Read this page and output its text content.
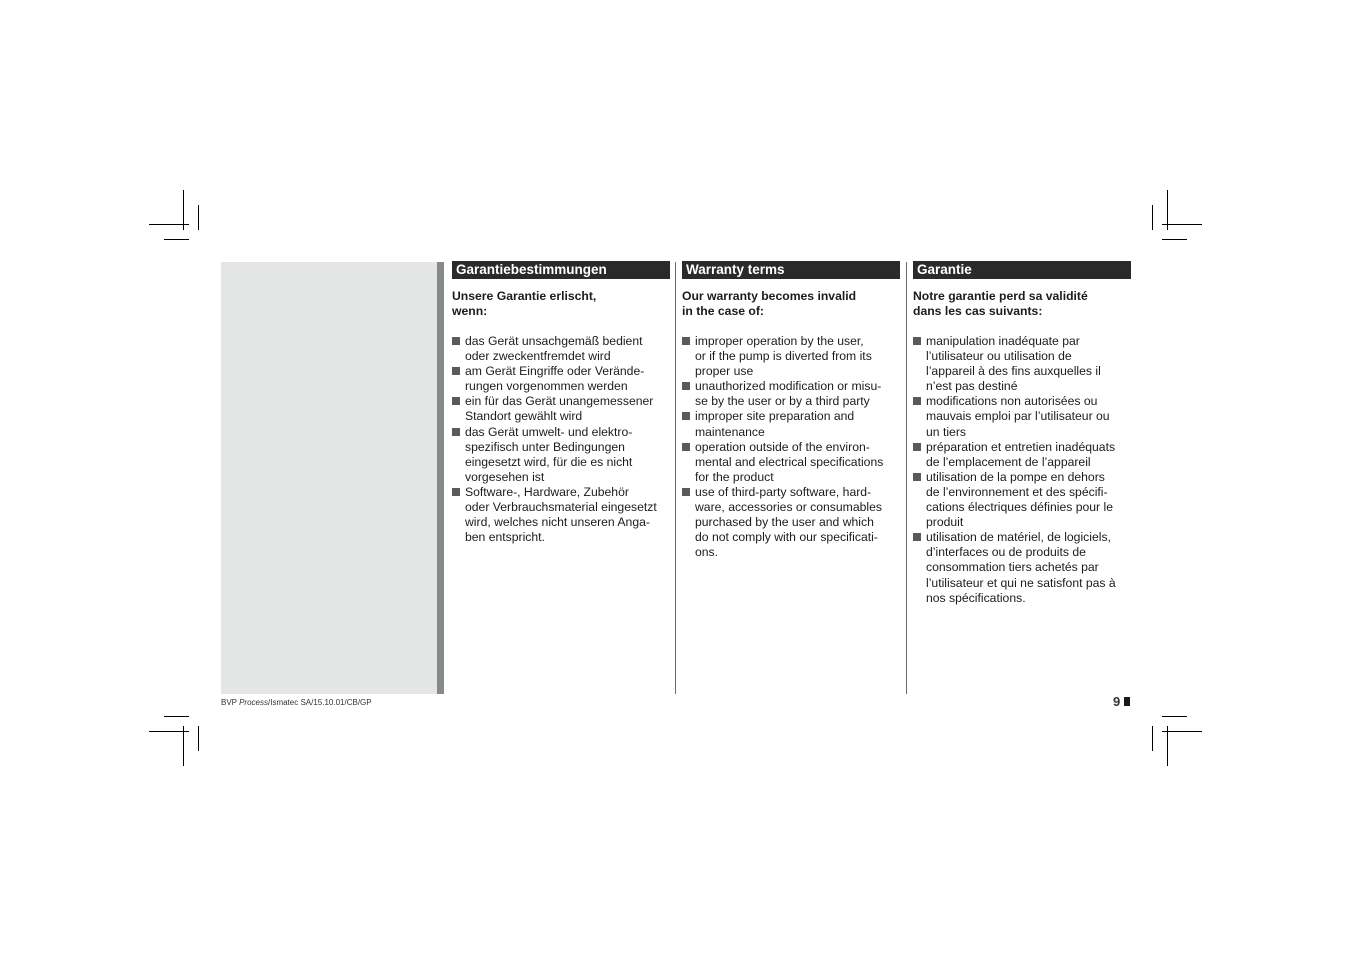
Garantiebestimmungen

Unsere Garantie erlischt,
wenn:

das Gerät unsachgemäß bedient
oder zweckentfremdet wird
am Gerät Eingriffe oder Verände-
rungen vorgenommen werden
ein für das Gerät unangemessener
Standort gewählt wird
das Gerät umwelt- und elektro-
spezifisch unter Bedingungen
eingesetzt wird, für die es nicht
vorgesehen ist
Software-, Hardware, Zubehör
oder Verbrauchsmaterial eingesetzt
wird, welches nicht unseren Anga-
ben entspricht.
Warranty terms

Our warranty becomes invalid
in the case of:

improper operation by the user,
or if the pump is diverted from its
proper use
unauthorized modification or misu-
se by the user or by a third party
improper site preparation and
maintenance
operation outside of the environ-
mental and electrical specifications
for the product
use of third-party software, hard-
ware, accessories or consumables
purchased by the user and which
do not comply with our specificati-
ons.
Garantie

Notre garantie perd sa validité
dans les cas suivants:

manipulation inadéquate par
l’utilisateur ou utilisation de
l’appareil à des fins auxquelles il
n’est pas destiné
modifications non autorisées ou
mauvais emploi par l’utilisateur ou
un tiers
préparation et entretien inadéquats
de l’emplacement de l’appareil
utilisation de la pompe en dehors
de l’environnement et des spécifi-
cations électriques définies pour le
produit
utilisation de matériel, de logiciels,
d’interfaces ou de produits de
consommation tiers achetés par
l’utilisateur et qui ne satisfont pas à
nos spécifications.
BVP Process/Ismatec SA/15.10.01/CB/GP	9
